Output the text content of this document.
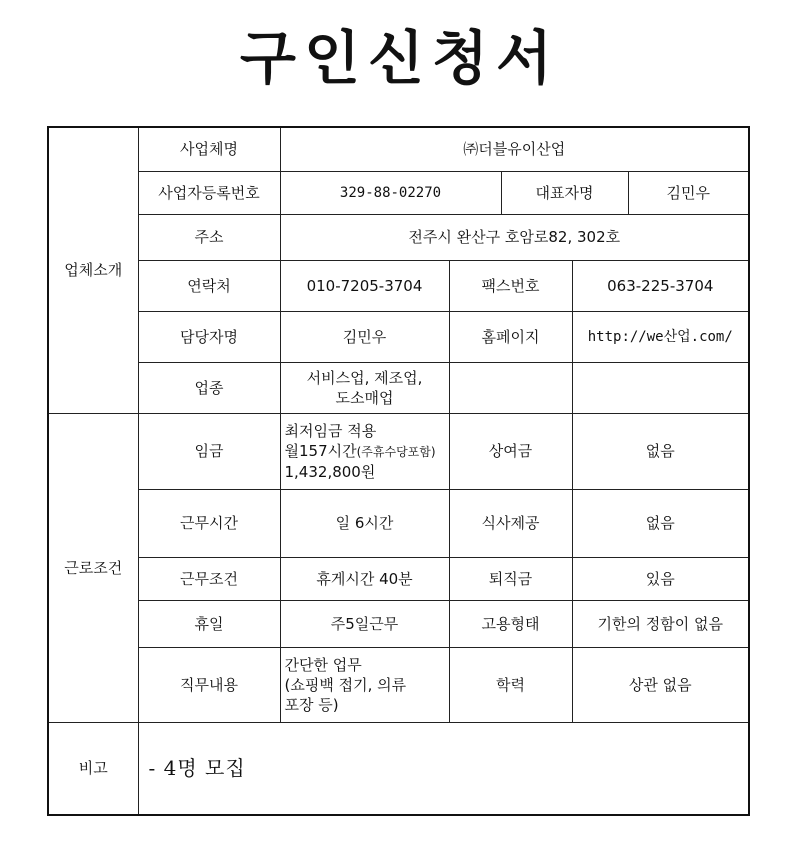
구인신청서
업체소개	사업체명	㈜더블유이산업				
	사업자등록번호	329-88-02270		대표자명		김민우
	주소	전주시 완산구 호암로82, 302호				
	연락처	010-7205-3704	팩스번호		063-225-3704	
	담당자명	김민우	홈페이지		http://we산업.com/	
	업종	서비스업, 제조업,
도소매업				

근로조건	임금	최저임금 적용
월157시간(주휴수당포함)
1,432,800원	상여금		없음	
	근무시간	일 6시간	식사제공		없음	
	근무조건	휴게시간 40분	퇴직금		있음	
	휴일	주5일근무	고용형태		기한의 정함이 없음	
	직무내용	간단한 업무
(쇼핑백 접기, 의류
포장 등)	학력		상관 없음	
비고	- 4명 모집					
